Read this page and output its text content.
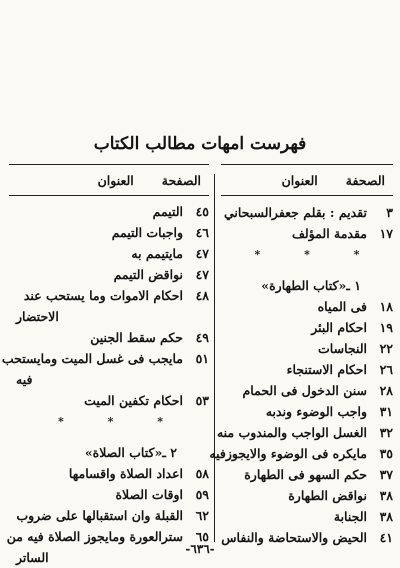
فهرست امهات مطالب الكتاب
الصحفة
العنوان
الصفحة
العنوان
٣
تقديم : بقلم جعفرالسبحاني
١٧
مقدمة المؤلف
* * *
١ ـ«كتاب الطهارة»
١٨
فى المياه
١٩
احكام البئر
٢٢
النجاسات
٢٦
احكام الاستنجاء
٢٨
سنن الدخول فى الحمام
٣١
واجب الوضوء وندبه
٣٢
الغسل الواجب والمندوب منه
٣٥
مايكره فى الوضوء والايجوزفيه
٣٧
حكم السهو فى الطهارة
٣٨
نواقض الطهارة
٣٨
الجنابة
٤١
الحيض والاستحاضة والنفاس
٤٥
التيمم
٤٦
واجبات التيمم
٤٧
مايتيمم به
٤٧
نواقض التيمم
٤٨
احكام الاموات وما يستحب عند
الاحتضار
٤٩
حكم سقط الجنين
٥١
مايجب فى غسل الميت ومايستحب
فيه
٥٣
احكام تكفين الميت
* * *
٢ ـ«كتاب الصلاة»
٥٨
اعداد الصلاة واقسامها
٥٩
اوقات الصلاة
٦٢
القبلة وان استقبالها على ضروب
٦٥
سترالعورة ومايجوز الصلاة فيه من
الساتر
-٦٣٦-
